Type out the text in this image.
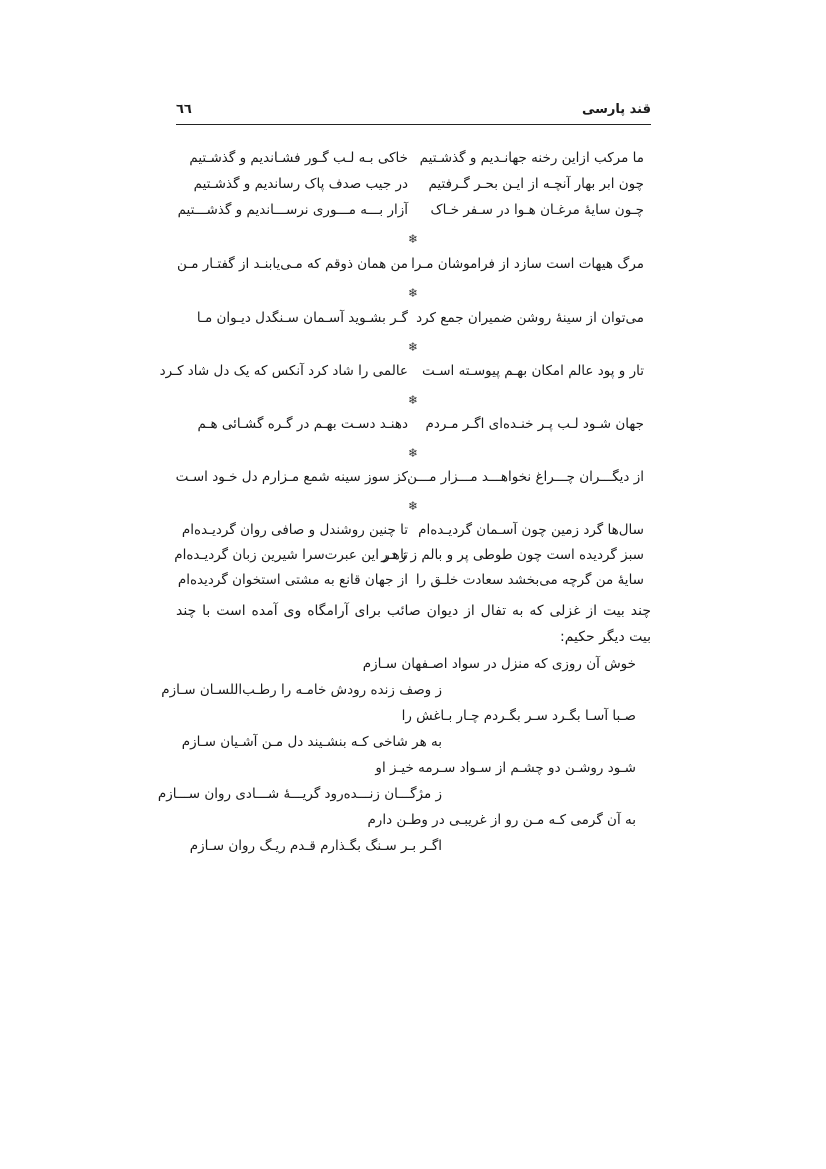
قند پارسی
٦٦
ما مرکب ازاین رخنه جهانـدیم و گذشـتیم
خاکی بـه لـب گـور فشـاندیم و گذشـتیم
چون ابر بهار آنچـه از ایـن بحـر گـرفتیم
در جیب صدف پاک رساندیم و گذشـتیم
چـون سایهٔ مرغـان هـوا در سـفر خـاک
آزار بـــه مـــوری نرســـاندیم و گذشـــتیم
❄
مرگ هیهات است سازد از فراموشان مـرا
من همان ذوقم که مـی‌یابنـد از گفتـار مـن
❄
می‌توان از سینهٔ روشن ضمیران جمع کرد
گـر بشـوید آسـمان سـنگدل دیـوان مـا
❄
تار و پود عالم امکان بهـم پیوسـته اسـت
عالمی را شاد کرد آنکس که یک دل شاد کـرد
❄
جهان شـود لـب پـر خنـده‌ای اگـر مـردم
دهنـد دسـت بهـم در گـره گشـائی هـم
❄
از دیگـــران چـــراغ نخواهـــد مـــزار مـــن
کز سوز سینه شمع مـزارم دل خـود اسـت
❄
سال‌ها گرد زمین چون آسـمان گردیـده‌ام
تا چنین روشندل و صافی روان گردیـده‌ام
سبز گردیده است چون طوطی پر و بالم ز زهـر
تا در این عبرت‌سرا شیرین زبان گردیـده‌ام
سایهٔ من گرچه می‌بخشد سعادت خلـق را
از جهان قانع به مشتی استخوان گردیده‌ام
چند بیت از غزلی که به تفال از دیوان صائب برای آرامگاه وی آمده است با چند بیت دیگر حکیم:
خوش آن روزی که منزل در سواد اصـفهان سـازم
ز وصف زنده رودش خامـه را رطـب‌اللسـان سـازم
صـبا آسـا بگـرد سـر بگـردم چـار بـاغش را
به هر شاخی کـه بنشـیند دل مـن آشـیان سـازم
شـود روشـن دو چشـم از سـواد سـرمه خیـز او
ز مژگـــان زنـــده‌رود گریـــهٔ شـــادی روان ســـازم
به آن گرمی کـه مـن رو از غریبـی در وطـن دارم
اگـر بـر سـنگ بگـذارم قـدم ریـگ روان سـازم
